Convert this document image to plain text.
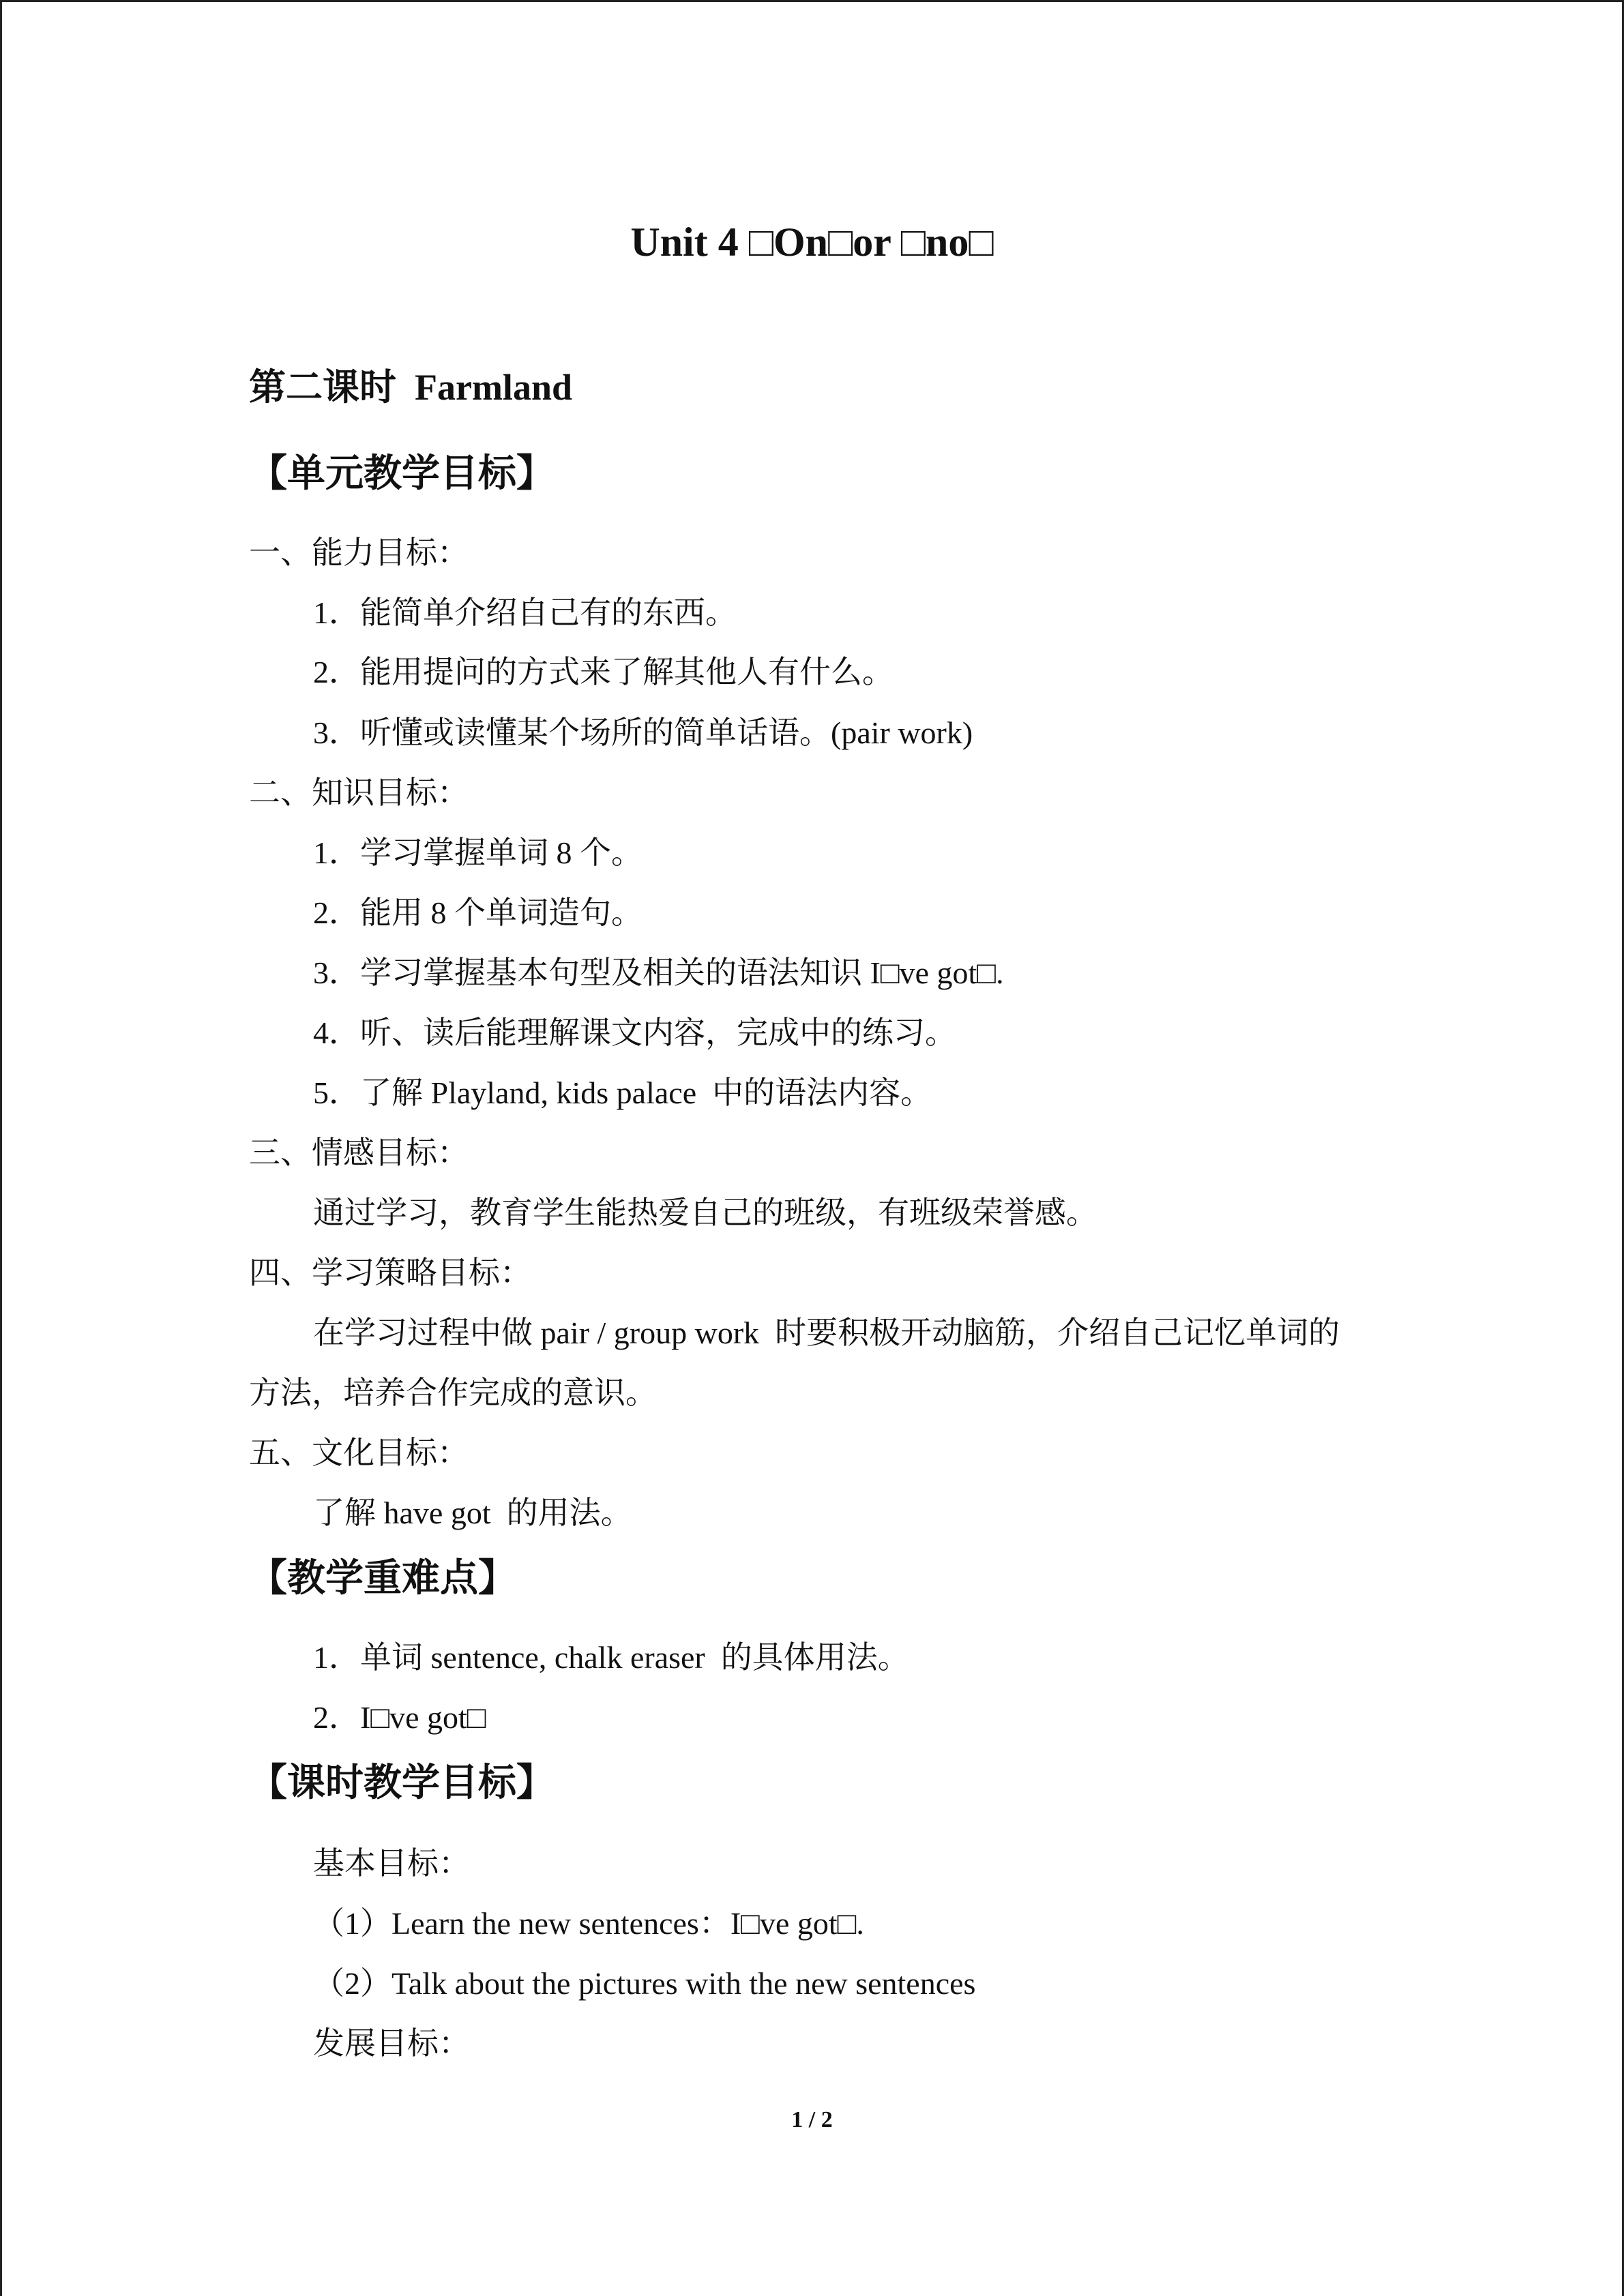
Unit 4 □On□or □no□

第二课时  Farmland

【单元教学目标】

一、能力目标：

1．能简单介绍自己有的东西。

2．能用提问的方式来了解其他人有什么。

3．听懂或读懂某个场所的简单话语。(pair work)

二、知识目标：

1．学习掌握单词 8 个。

2．能用 8 个单词造句。

3．学习掌握基本句型及相关的语法知识 I□ve got□.

4．听、读后能理解课文内容，完成中的练习。

5．了解 Playland, kids palace  中的语法内容。

三、情感目标：

通过学习，教育学生能热爱自己的班级，有班级荣誉感。

四、学习策略目标：

在学习过程中做 pair / group work  时要积极开动脑筋，介绍自己记忆单词的

方法，培养合作完成的意识。

五、文化目标：

了解 have got  的用法。

【教学重难点】

1．单词 sentence, chalk eraser  的具体用法。

2．I□ve got□

【课时教学目标】

基本目标：

（1）Learn the new sentences：I□ve got□.

（2）Talk about the pictures with the new sentences

发展目标：

1 / 2
